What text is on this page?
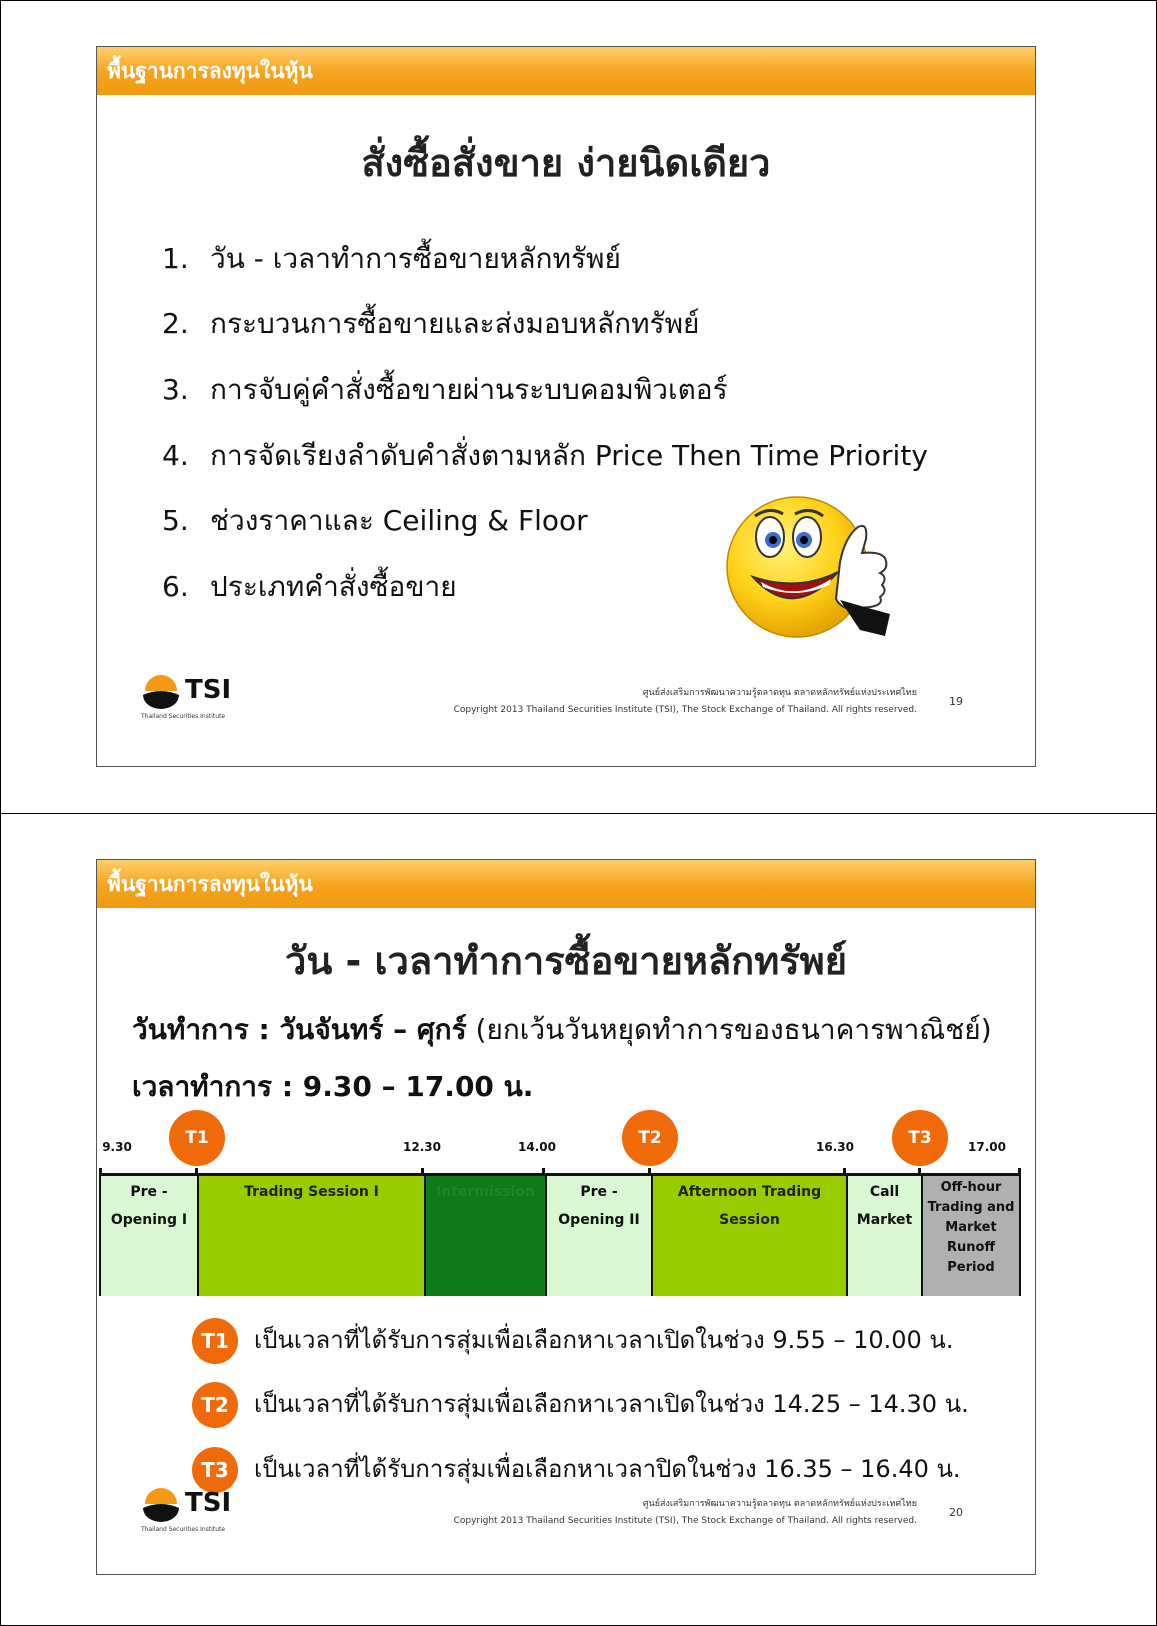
พื้นฐานการลงทุนในหุ้น
สั่งซื้อสั่งขาย ง่ายนิดเดียว
1. วัน - เวลาทำการซื้อขายหลักทรัพย์
2. กระบวนการซื้อขายและส่งมอบหลักทรัพย์
3. การจับคู่คำสั่งซื้อขายผ่านระบบคอมพิวเตอร์
4. การจัดเรียงลำดับคำสั่งตามหลัก Price Then Time Priority
5. ช่วงราคาและ Ceiling & Floor
6. ประเภทคำสั่งซื้อขาย
TSI
Thailand Securities Institute
ศูนย์ส่งเสริมการพัฒนาความรู้ตลาดทุน ตลาดหลักทรัพย์แห่งประเทศไทย
Copyright 2013 Thailand Securities Institute (TSI), The Stock Exchange of Thailand. All rights reserved.
19
พื้นฐานการลงทุนในหุ้น
วัน - เวลาทำการซื้อขายหลักทรัพย์
วันทำการ : วันจันทร์ – ศุกร์ (ยกเว้นวันหยุดทำการของธนาคารพาณิชย์)
เวลาทำการ : 9.30 – 17.00 น.
9.30	12.30	14.00	16.30	17.00
T1	T2	T3
Pre -
Opening I
Trading Session I	Intermission	Pre -
Opening II
Afternoon Trading
Session
Call
Market
Off-hour
Trading and
Market
Runoff
Period
T1 เป็นเวลาที่ได้รับการสุ่มเพื่อเลือกหาเวลาเปิดในช่วง 9.55 – 10.00 น.
T2 เป็นเวลาที่ได้รับการสุ่มเพื่อเลือกหาเวลาเปิดในช่วง 14.25 – 14.30 น.
T3 เป็นเวลาที่ได้รับการสุ่มเพื่อเลือกหาเวลาปิดในช่วง 16.35 – 16.40 น.
TSI
Thailand Securities Institute
ศูนย์ส่งเสริมการพัฒนาความรู้ตลาดทุน ตลาดหลักทรัพย์แห่งประเทศไทย
Copyright 2013 Thailand Securities Institute (TSI), The Stock Exchange of Thailand. All rights reserved.
20
